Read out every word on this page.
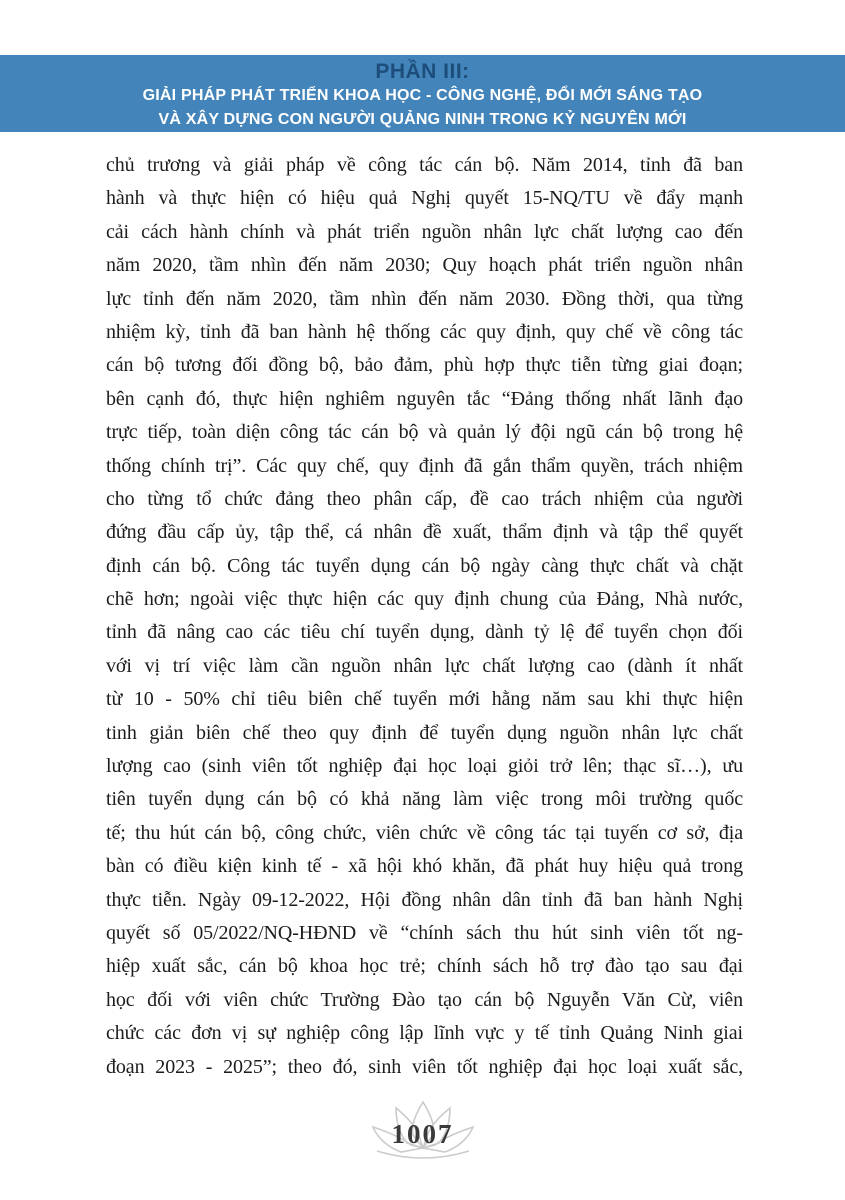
PHẦN III:
GIẢI PHÁP PHÁT TRIỂN KHOA HỌC - CÔNG NGHỆ, ĐỔI MỚI SÁNG TẠO
VÀ XÂY DỰNG CON NGƯỜI QUẢNG NINH TRONG KỶ NGUYÊN MỚI
chủ trương và giải pháp về công tác cán bộ. Năm 2014, tỉnh đã ban
hành và thực hiện có hiệu quả Nghị quyết 15-NQ/TU về đẩy mạnh
cải cách hành chính và phát triển nguồn nhân lực chất lượng cao đến
năm 2020, tầm nhìn đến năm 2030; Quy hoạch phát triển nguồn nhân
lực tỉnh đến năm 2020, tầm nhìn đến năm 2030. Đồng thời, qua từng
nhiệm kỳ, tỉnh đã ban hành hệ thống các quy định, quy chế về công tác
cán bộ tương đối đồng bộ, bảo đảm, phù hợp thực tiễn từng giai đoạn;
bên cạnh đó, thực hiện nghiêm nguyên tắc “Đảng thống nhất lãnh đạo
trực tiếp, toàn diện công tác cán bộ và quản lý đội ngũ cán bộ trong hệ
thống chính trị”. Các quy chế, quy định đã gắn thẩm quyền, trách nhiệm
cho từng tổ chức đảng theo phân cấp, đề cao trách nhiệm của người
đứng đầu cấp ủy, tập thể, cá nhân đề xuất, thẩm định và tập thể quyết
định cán bộ. Công tác tuyển dụng cán bộ ngày càng thực chất và chặt
chẽ hơn; ngoài việc thực hiện các quy định chung của Đảng, Nhà nước,
tỉnh đã nâng cao các tiêu chí tuyển dụng, dành tỷ lệ để tuyển chọn đối
với vị trí việc làm cần nguồn nhân lực chất lượng cao (dành ít nhất
từ 10 - 50% chỉ tiêu biên chế tuyển mới hằng năm sau khi thực hiện
tinh giản biên chế theo quy định để tuyển dụng nguồn nhân lực chất
lượng cao (sinh viên tốt nghiệp đại học loại giỏi trở lên; thạc sĩ…), ưu
tiên tuyển dụng cán bộ có khả năng làm việc trong môi trường quốc
tế; thu hút cán bộ, công chức, viên chức về công tác tại tuyến cơ sở, địa
bàn có điều kiện kinh tế - xã hội khó khăn, đã phát huy hiệu quả trong
thực tiễn. Ngày 09-12-2022, Hội đồng nhân dân tỉnh đã ban hành Nghị
quyết số 05/2022/NQ-HĐND về “chính sách thu hút sinh viên tốt ng-
hiệp xuất sắc, cán bộ khoa học trẻ; chính sách hỗ trợ đào tạo sau đại
học đối với viên chức Trường Đào tạo cán bộ Nguyễn Văn Cừ, viên
chức các đơn vị sự nghiệp công lập lĩnh vực y tế tỉnh Quảng Ninh giai
đoạn 2023 - 2025”; theo đó, sinh viên tốt nghiệp đại học loại xuất sắc,
1007
